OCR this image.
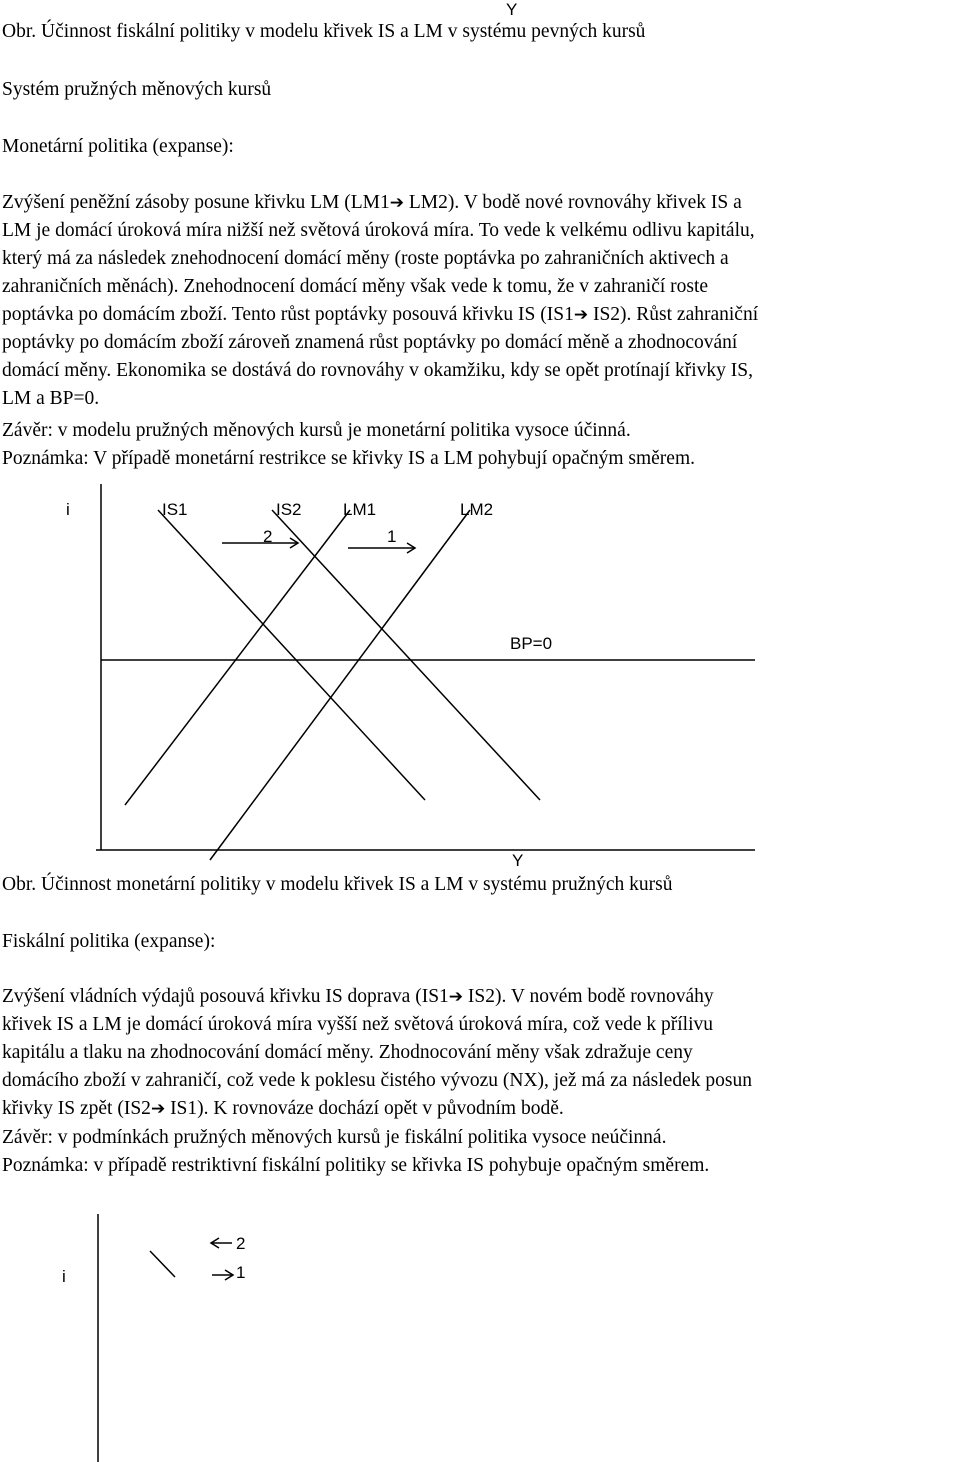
Y
Obr. Účinnost fiskální politiky v modelu křivek IS a LM v systému pevných kursů
Systém pružných měnových kursů
Monetární politika (expanse):
Zvýšení peněžní zásoby posune křivku LM (LM1➔ LM2). V bodě nové rovnováhy křivek IS a
LM je domácí úroková míra nižší než světová úroková míra. To vede k velkému odlivu kapitálu,
který má za následek znehodnocení domácí měny (roste poptávka po zahraničních aktivech a
zahraničních měnách). Znehodnocení domácí měny však vede k tomu, že v zahraničí roste
poptávka po domácím zboží. Tento růst poptávky posouvá křivku IS (IS1➔ IS2). Růst zahraniční
poptávky po domácím zboží zároveň znamená růst poptávky po domácí měně a zhodnocování
domácí měny. Ekonomika se dostává do rovnováhy v okamžiku, kdy se opět protínají křivky IS,
LM a BP=0.
Závěr: v modelu pružných měnových kursů je monetární politika vysoce účinná.
Poznámka: V případě monetární restrikce se křivky IS a LM pohybují opačným směrem.
i	IS1	IS2 LM1	LM2
2	1
BP=0
Y
Obr. Účinnost monetární politiky v modelu křivek IS a LM v systému pružných kursů
Fiskální politika (expanse):
Zvýšení vládních výdajů posouvá křivku IS doprava (IS1➔ IS2). V novém bodě rovnováhy
křivek IS a LM je domácí úroková míra vyšší než světová úroková míra, což vede k přílivu
kapitálu a tlaku na zhodnocování domácí měny. Zhodnocování měny však zdražuje ceny
domácího zboží v zahraničí, což vede k poklesu čistého vývozu (NX), jež má za následek posun
křivky IS zpět (IS2➔ IS1). K rovnováze dochází opět v původním bodě.
Závěr: v podmínkách pružných měnových kursů je fiskální politika vysoce neúčinná.
Poznámka: v případě restriktivní fiskální politiky se křivka IS pohybuje opačným směrem.
i
2
1
